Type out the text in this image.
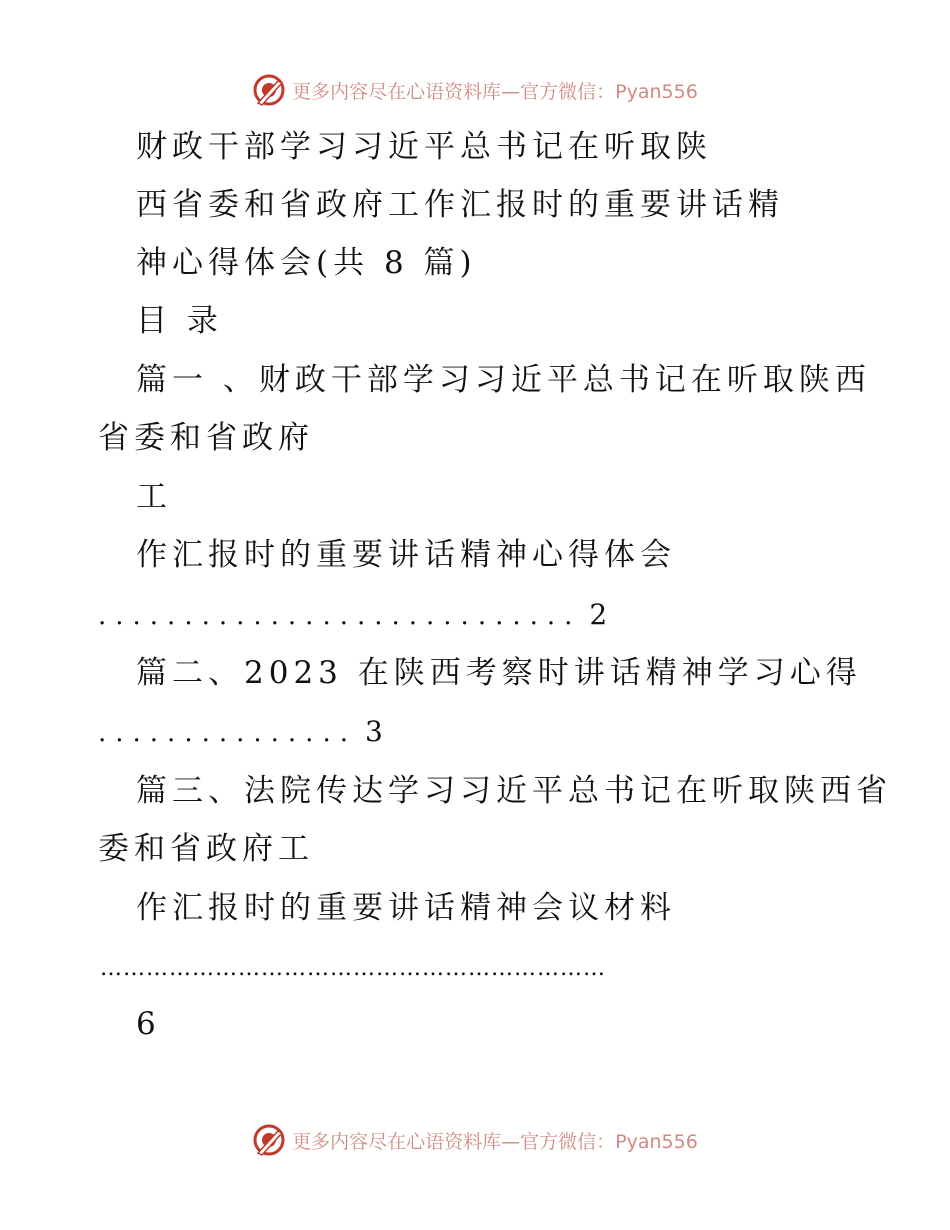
更多内容尽在心语资料库—官方微信：Pyan556
财政干部学习习近平总书记在听取陕
西省委和省政府工作汇报时的重要讲话精
神心得体会(共 8 篇)
目 录
篇一 、财政干部学习习近平总书记在听取陕西
省委和省政府
工
作汇报时的重要讲话精神心得体会
............................ 2
篇二、2023 在陕西考察时讲话精神学习心得
............... 3
篇三、法院传达学习习近平总书记在听取陕西省
委和省政府工
作汇报时的重要讲话精神会议材料
…………………………………………………………
6
更多内容尽在心语资料库—官方微信：Pyan556
